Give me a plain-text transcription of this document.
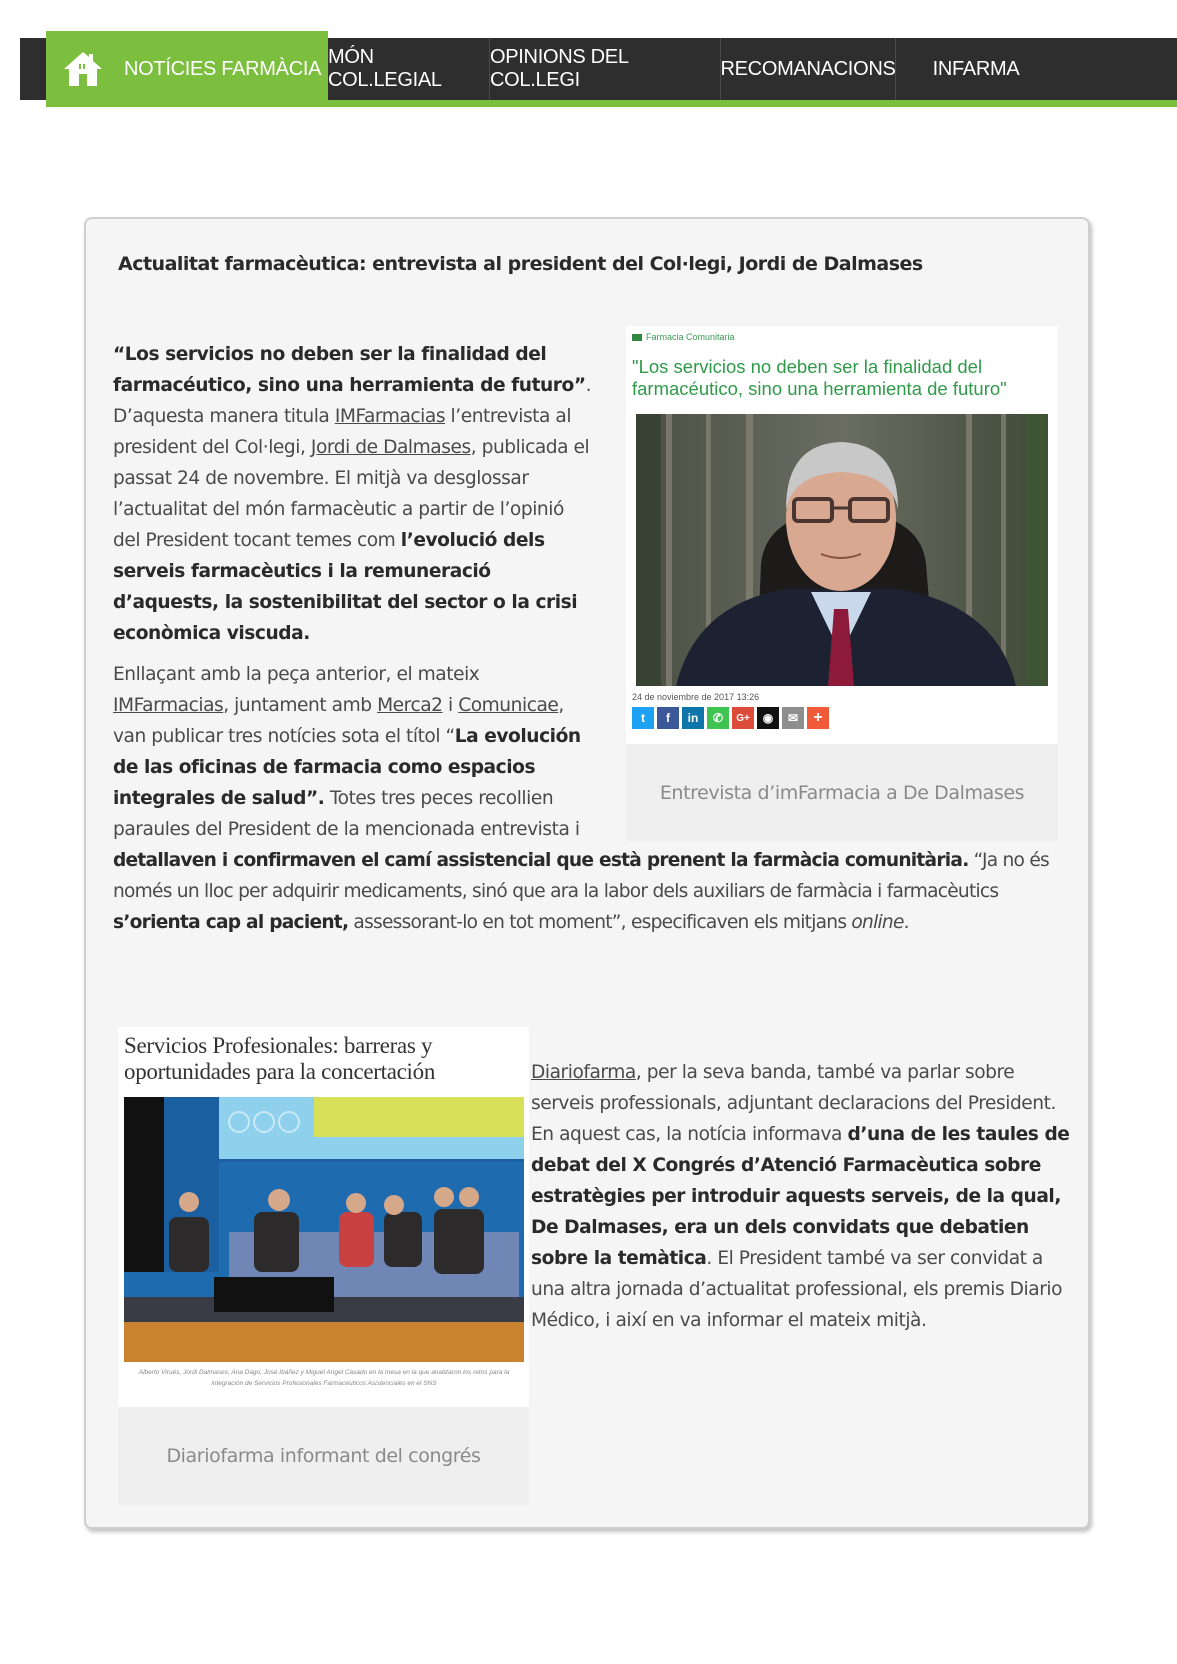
NOTÍCIES FARMÀCIA
MÓN COL.LEGIAL
OPINIONS DEL COL.LEGI
RECOMANACIONS INFARMA
Actualitat farmacèutica: entrevista al president del Col·legi, Jordi de Dalmases
“Los servicios no deben ser la finalidad del farmacéutico, sino una herramienta de futuro”. D’aquesta manera titula IMFarmacias l’entrevista al president del Col·legi, Jordi de Dalmases, publicada el passat 24 de novembre. El mitjà va desglossar l’actualitat del món farmacèutic a partir de l’opinió del President tocant temes com l’evolució dels serveis farmacèutics i la remuneració d’aquests, la sostenibilitat del sector o la crisi econòmica viscuda.
Farmacia Comunitaria
"Los servicios no deben ser la finalidad del farmacéutico, sino una herramienta de futuro"
24 de noviembre de 2017 13:26
t f in ✆ G+ ◉ ✉ +
Entrevista d’imFarmacia a De Dalmases
Enllaçant amb la peça anterior, el mateix IMFarmacias, juntament amb Merca2 i Comunicae, van publicar tres notícies sota el títol “La evolución de las oficinas de farmacia como espacios integrales de salud”. Totes tres peces recollien paraules del President de la mencionada entrevista i
detallaven i confirmaven el camí assistencial que està prenent la farmàcia comunitària. “Ja no és només un lloc per adquirir medicaments, sinó que ara la labor dels auxiliars de farmàcia i farmacèutics s’orienta cap al pacient, assessorant-lo en tot moment”, especificaven els mitjans online.
Servicios Profesionales: barreras y oportunidades para la concertación
Alberto Virués, Jordi Dalmases, Ana Dago, José Ibáñez y Miguel Angel Casado en la mesa en la que analizaron los retos para la integración de Servicios Profesionales Farmacéuticos Asistenciales en el SNS
Diariofarma informant del congrés
Diariofarma, per la seva banda, també va parlar sobre serveis professionals, adjuntant declaracions del President. En aquest cas, la notícia informava d’una de les taules de debat del X Congrés d’Atenció Farmacèutica sobre estratègies per introduir aquests serveis, de la qual, De Dalmases, era un dels convidats que debatien sobre la temàtica. El President també va ser convidat a una altra jornada d’actualitat professional, els premis Diario Médico, i així en va informar el mateix mitjà.
